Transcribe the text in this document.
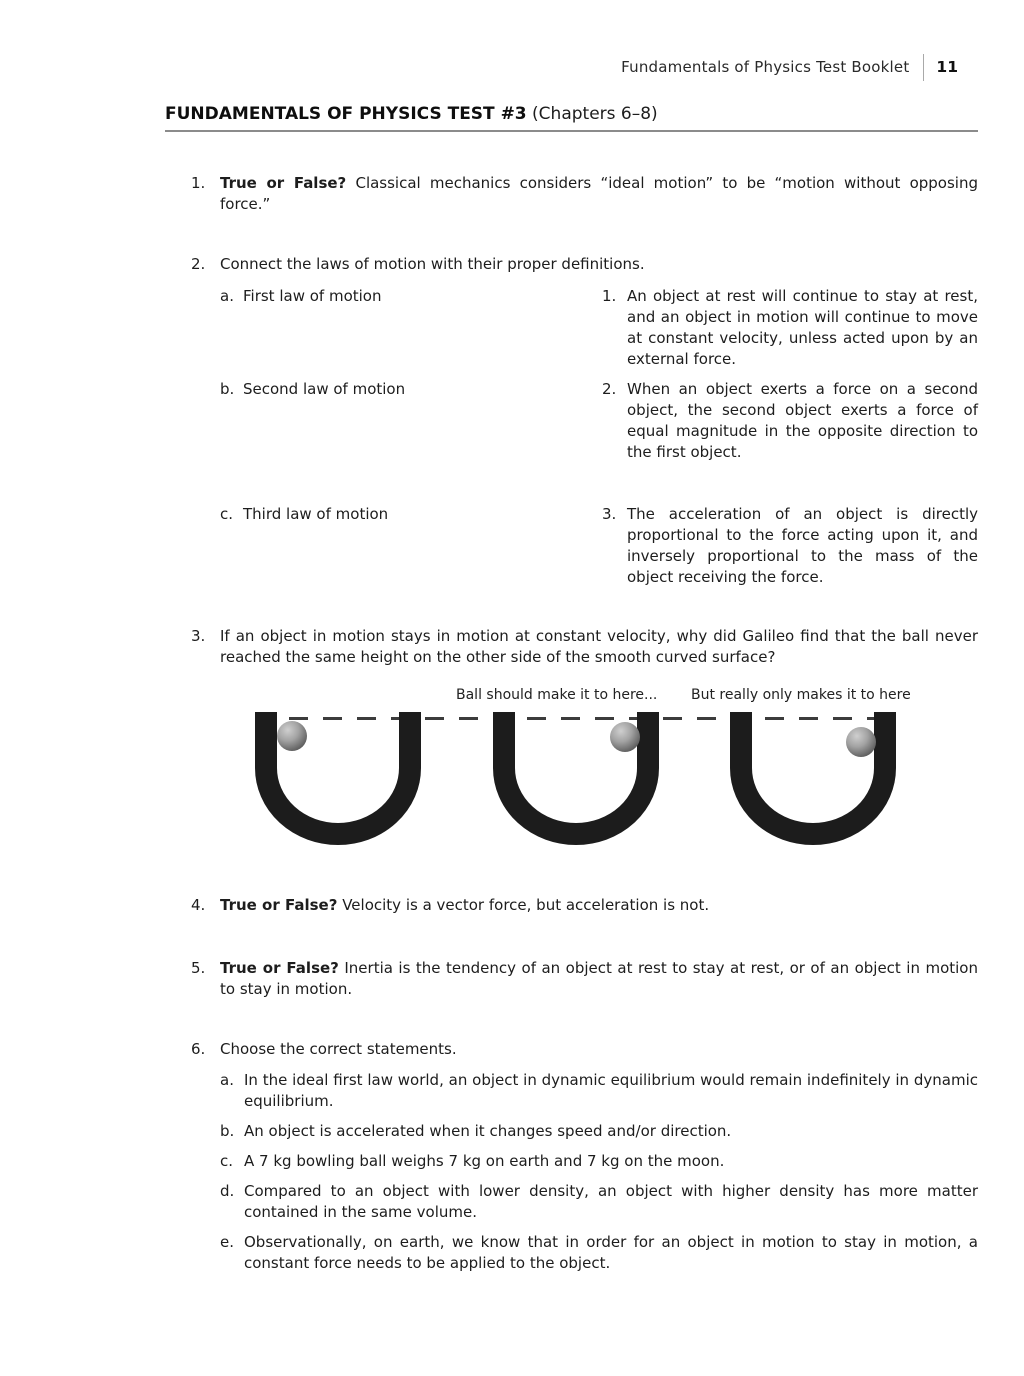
Fundamentals of Physics Test Booklet 11
FUNDAMENTALS OF PHYSICS TEST #3 (Chapters 6–8)
1. True or False? Classical mechanics considers “ideal motion” to be “motion without opposing force.”
2. Connect the laws of motion with their proper definitions.
a. First law of motion	1. An object at rest will continue to stay at rest, and an object in motion will continue to move at constant velocity, unless acted upon by an external force.
b. Second law of motion	2. When an object exerts a force on a second object, the second object exerts a force of equal magnitude in the opposite direction to the first object.
c. Third law of motion	3. The acceleration of an object is directly proportional to the force acting upon it, and inversely proportional to the mass of the object receiving the force.
3. If an object in motion stays in motion at constant velocity, why did Galileo find that the ball never reached the same height on the other side of the smooth curved surface?
Ball should make it to here... But really only makes it to here
4. True or False? Velocity is a vector force, but acceleration is not.
5. True or False? Inertia is the tendency of an object at rest to stay at rest, or of an object in motion to stay in motion.
6. Choose the correct statements.
a. In the ideal first law world, an object in dynamic equilibrium would remain indefinitely in dynamic equilibrium.
b. An object is accelerated when it changes speed and/or direction.
c. A 7 kg bowling ball weighs 7 kg on earth and 7 kg on the moon.
d. Compared to an object with lower density, an object with higher density has more matter contained in the same volume.
e. Observationally, on earth, we know that in order for an object in motion to stay in motion, a constant force needs to be applied to the object.
